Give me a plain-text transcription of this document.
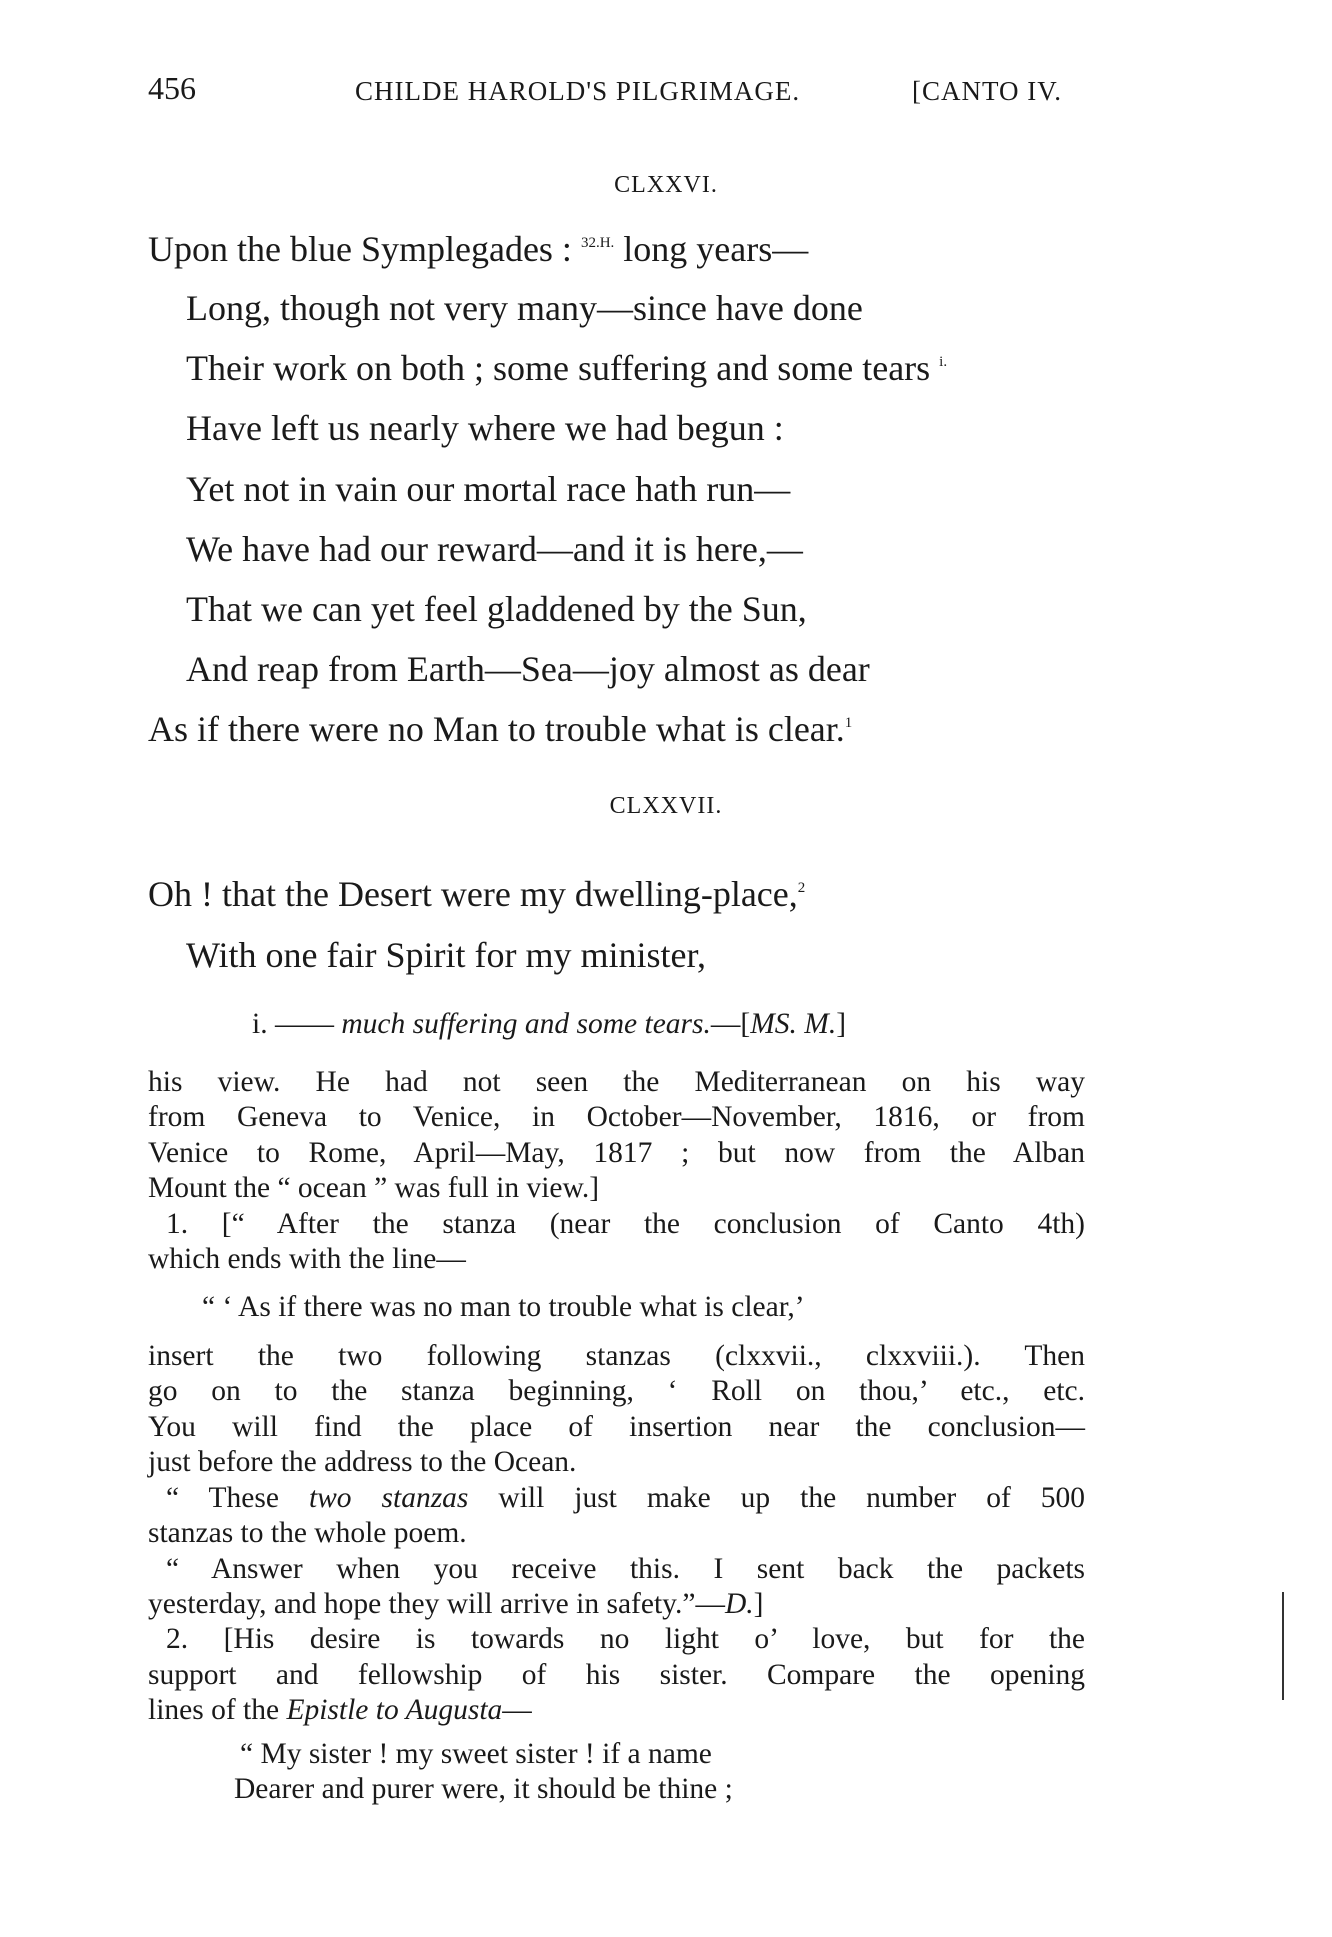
456	CHILDE HAROLD'S PILGRIMAGE.	[CANTO IV.
CLXXVI.
CLXXVII.
Upon the blue Symplegades : $^{32.H.}$ long years—
Long, though not very many—since have done
Their work on both ; some suffering and some tears $^{i.}$
Have left us nearly where we had begun :
Yet not in vain our mortal race hath run—
We have had our reward—and it is here,—
That we can yet feel gladdened by the Sun,
And reap from Earth—Sea—joy almost as dear
As if there were no Man to trouble what is clear.$^1$
Oh ! that the Desert were my dwelling-place,$^2$
With one fair Spirit for my minister,
i. —— much suffering and some tears.—[MS. M.]
his view. He had not seen the Mediterranean on his way
from Geneva to Venice, in October—November, 1816, or from
Venice to Rome, April—May, 1817 ; but now from the Alban
Mount the “ ocean ” was full in view.]
1. [“ After the stanza (near the conclusion of Canto 4th)
which ends with the line—
“ ‘ As if there was no man to trouble what is clear,’
insert the two following stanzas (clxxvii., clxxviii.). Then
go on to the stanza beginning, ‘ Roll on thou,’ etc., etc.
You will find the place of insertion near the conclusion—
just before the address to the Ocean.
“ These two stanzas will just make up the number of 500
stanzas to the whole poem.
“ Answer when you receive this. I sent back the packets
yesterday, and hope they will arrive in safety.”—D.]
2. [His desire is towards no light o’ love, but for the
support and fellowship of his sister. Compare the opening
lines of the Epistle to Augusta—
“ My sister ! my sweet sister ! if a name
Dearer and purer were, it should be thine ;
